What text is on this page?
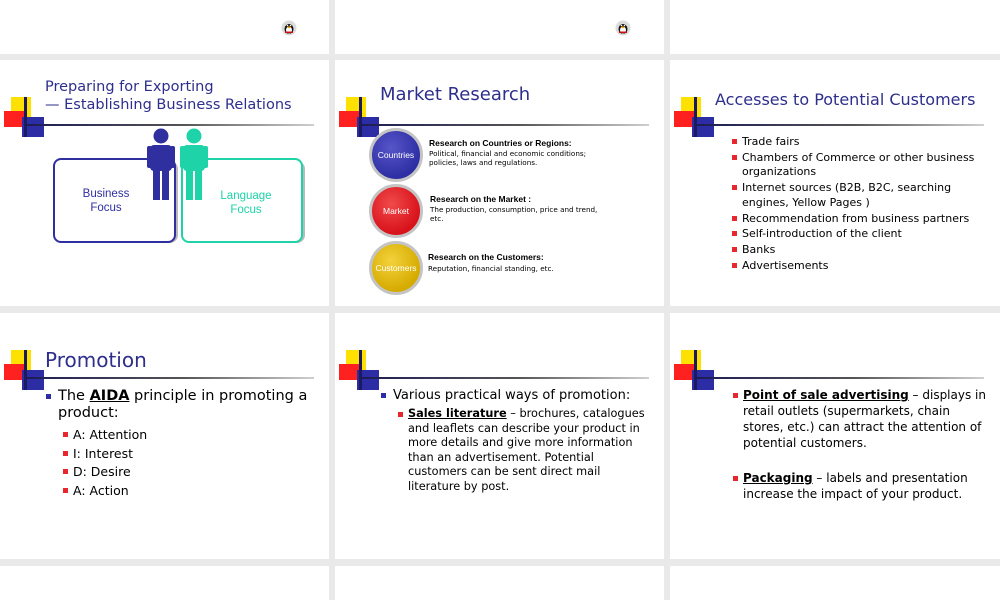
Preparing for Exporting
— Establishing Business Relations
Business
Focus
Language
Focus
Market Research
Countries
Research on Countries or Regions:
Political, financial and economic conditions;
policies, laws and regulations.
Market
Research on the Market :
The production, consumption, price and trend,
etc.
Customers
Research on the Customers:
Reputation, financial standing, etc.
Accesses to Potential Customers
Trade fairs
Chambers of Commerce or other business organizations
Internet sources (B2B, B2C, searching engines, Yellow Pages )
Recommendation from business partners
Self-introduction of the client
Banks
Advertisements
Promotion
The AIDA principle in promoting a product:
A: Attention
I: Interest
D: Desire
A: Action
Various practical ways of promotion:
Sales literature – brochures, catalogues and leaflets can describe your product in more details and give more information than an advertisement. Potential customers can be sent direct mail literature by post.
Point of sale advertising – displays in retail outlets (supermarkets, chain stores, etc.) can attract the attention of potential customers.
Packaging – labels and presentation increase the impact of your product.
